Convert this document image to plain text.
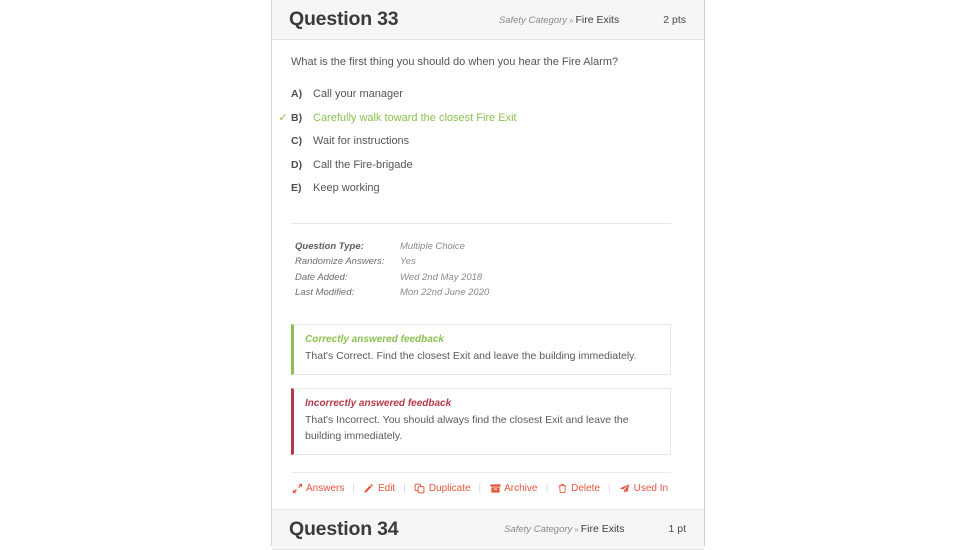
Question 33	Safety Category » Fire Exits	2 pts
What is the first thing you should do when you hear the Fire Alarm?
A) Call your manager
✓ B) Carefully walk toward the closest Fire Exit
C) Wait for instructions
D) Call the Fire-brigade
E)	Keep working
Question Type:	Multiple Choice
Randomize Answers:	Yes
Date Added:	Wed 2nd May 2018
Last Modified:	Mon 22nd June 2020
Correctly answered feedback
That's Correct. Find the closest Exit and leave the building immediately.
Incorrectly answered feedback
That's Incorrect. You should always find the closest Exit and leave the building immediately.
Answers |	Edit |	Duplicate |	Archive |	Delete |	Used In
Question 34	Safety Category » Fire Exits	1 pt
